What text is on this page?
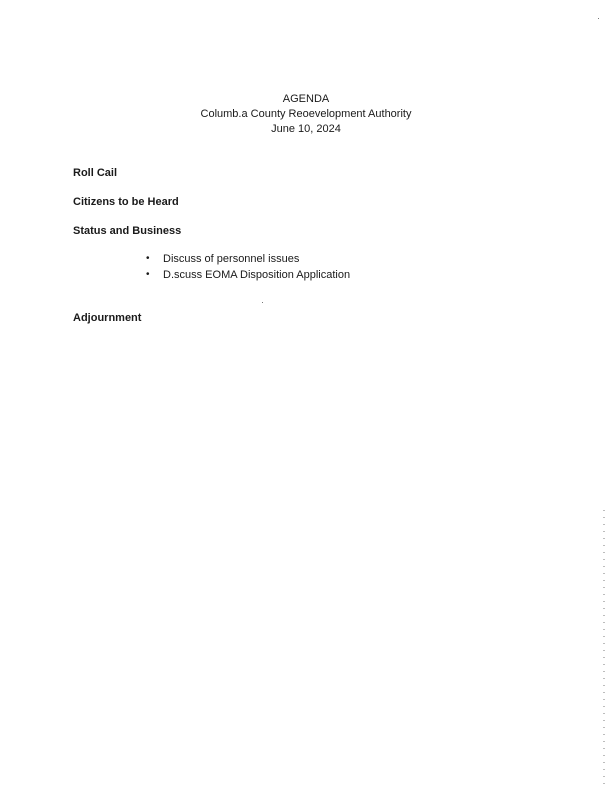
AGENDA
Columb.a County Reoevelopment Authority
June 10, 2024
Roll Cail
Citizens to be Heard
Status and Business
• Discuss of personnel issues
• D.scuss EOMA Disposition Application
Adjournment
